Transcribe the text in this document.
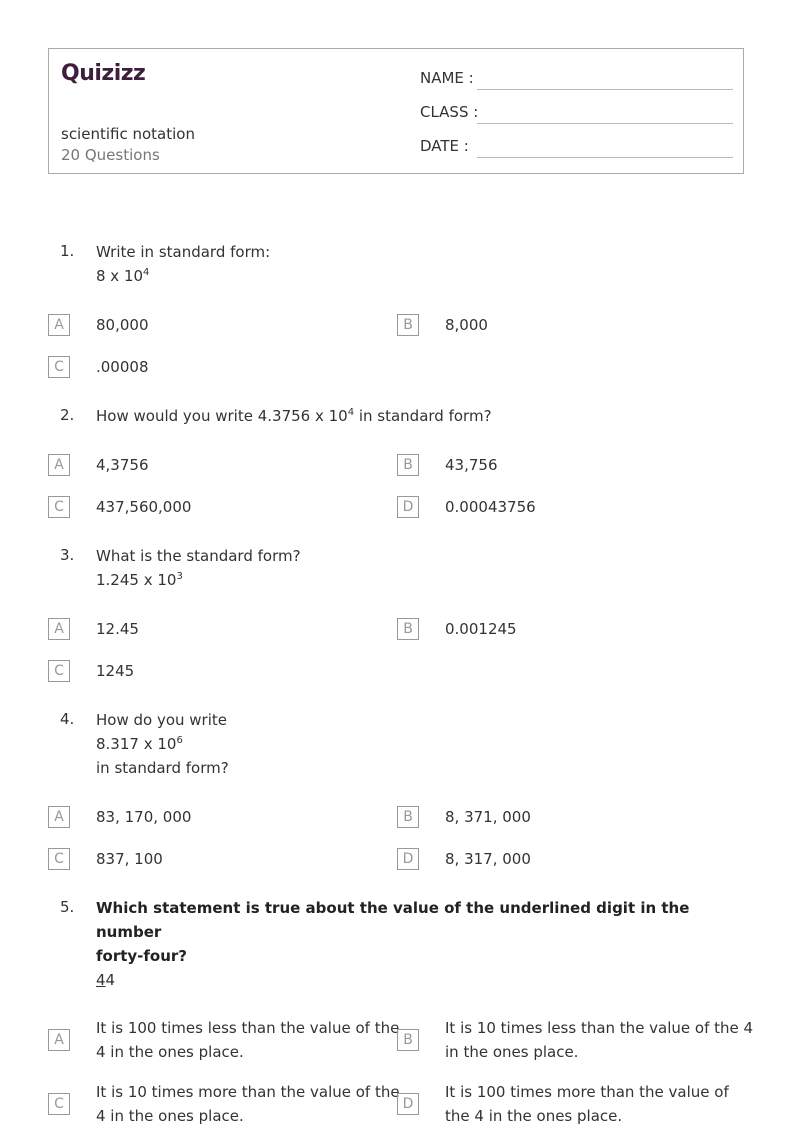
Quizizz
scientific notation
20 Questions
NAME :
CLASS :
DATE :
1. Write in standard form:
8 x $10^4$
A	80,000	B	8,000
C	.00008
2. How would you write 4.3756 x $10^4$ in standard form?
A	4,3756	B	43,756
C	437,560,000	D	0.00043756
3. What is the standard form?
1.245 x $10^3$
A	12.45	B	0.001245
C	1245
4. How do you write
8.317 x $10^6$
in standard form?
A	83, 170, 000	B	8, 371, 000
C	837, 100	D	8, 317, 000
5. Which statement is true about the value of the underlined digit in the number
forty-four?
44
A
It is 100 times less than the value of the
4 in the ones place.
B
It is 10 times less than the value of the 4
in the ones place.
C
It is 10 times more than the value of the
4 in the ones place.
D
It is 100 times more than the value of
the 4 in the ones place.
